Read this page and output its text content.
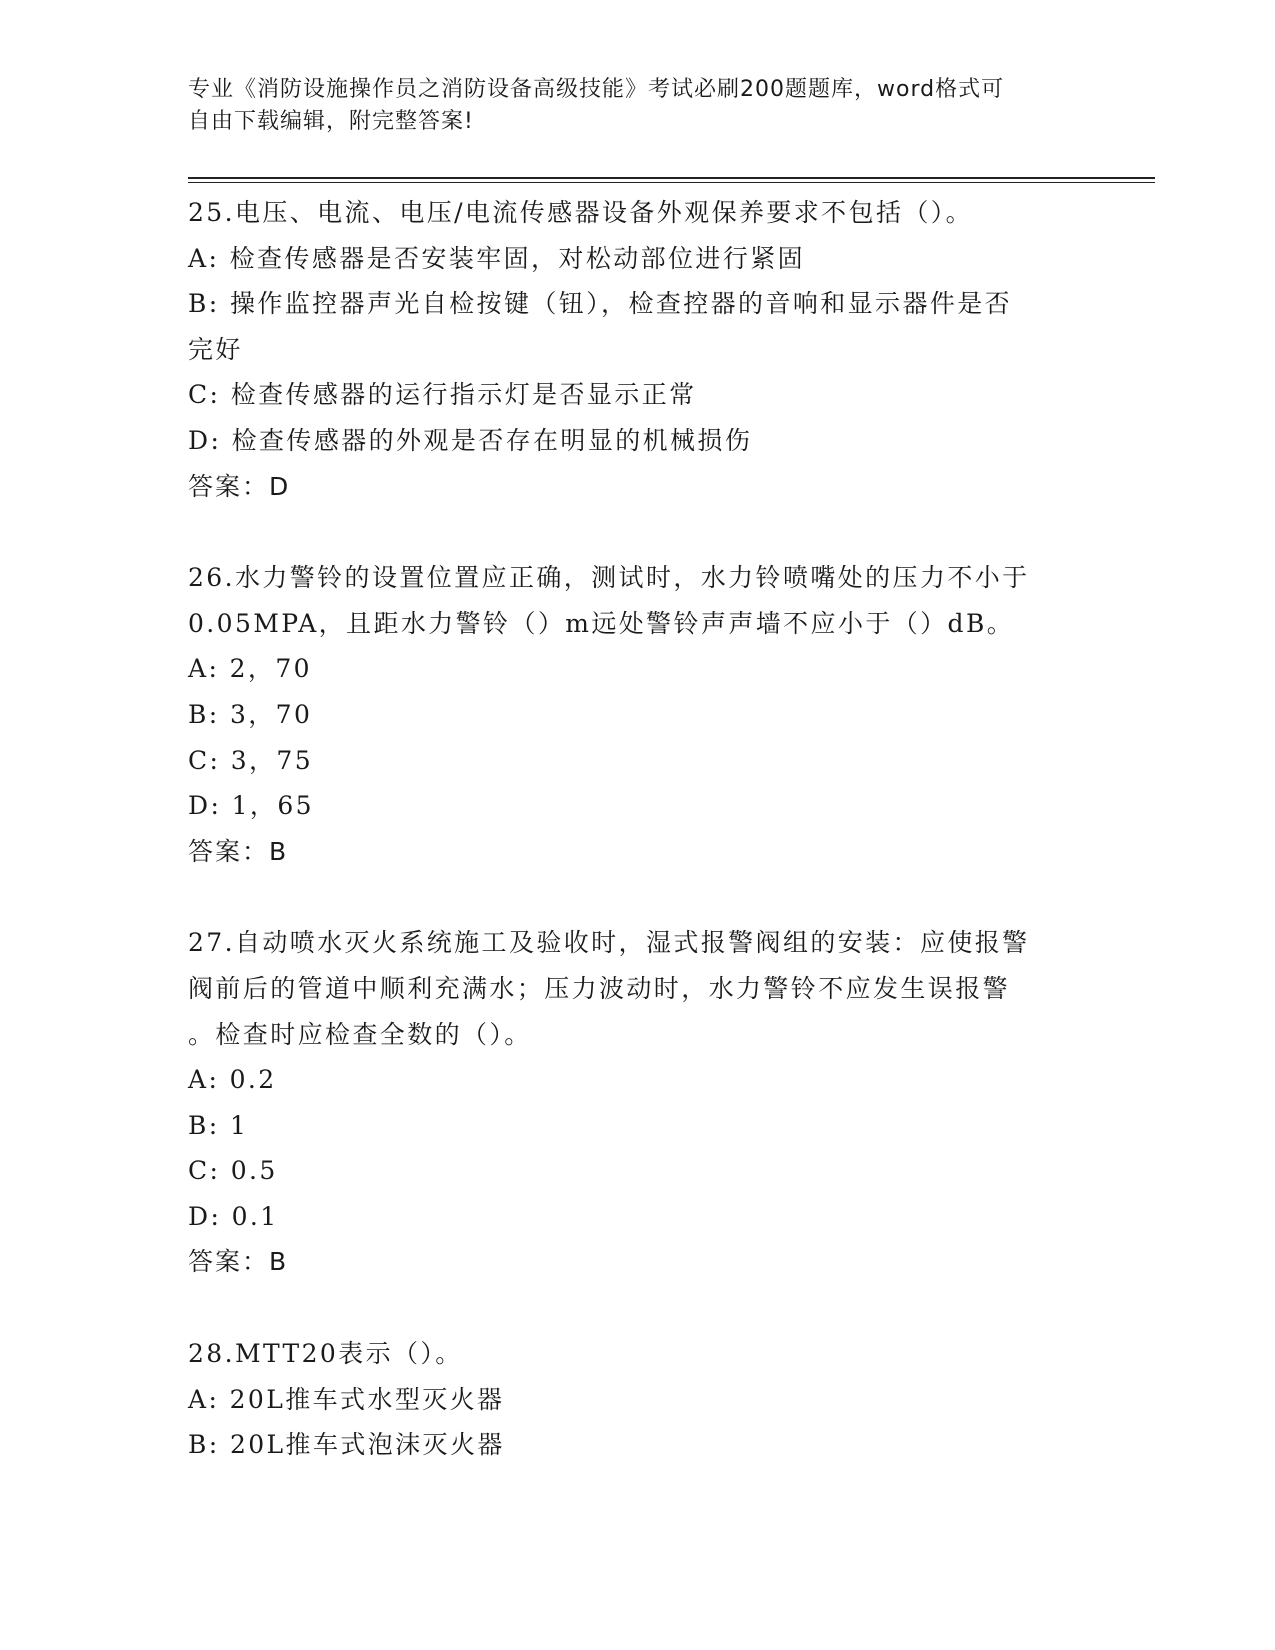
专业《消防设施操作员之消防设备高级技能》考试必刷200题题库，word格式可
自由下载编辑，附完整答案!
25.电压、电流、电压/电流传感器设备外观保养要求不包括（）。
A: 检查传感器是否安装牢固，对松动部位进行紧固
B: 操作监控器声光自检按键（钮），检查控器的音响和显示器件是否
完好
C: 检查传感器的运行指示灯是否显示正常
D: 检查传感器的外观是否存在明显的机械损伤
答案：D
26.水力警铃的设置位置应正确，测试时，水力铃喷嘴处的压力不小于
0.05MPA，且距水力警铃（）m远处警铃声声墙不应小于（）dB。
A: 2，70
B: 3，70
C: 3，75
D: 1，65
答案：B
27.自动喷水灭火系统施工及验收时，湿式报警阀组的安装：应使报警
阀前后的管道中顺利充满水；压力波动时，水力警铃不应发生误报警
。检查时应检查全数的（）。
A: 0.2
B: 1
C: 0.5
D: 0.1
答案：B
28.MTT20表示（）。
A: 20L推车式水型灭火器
B: 20L推车式泡沫灭火器
